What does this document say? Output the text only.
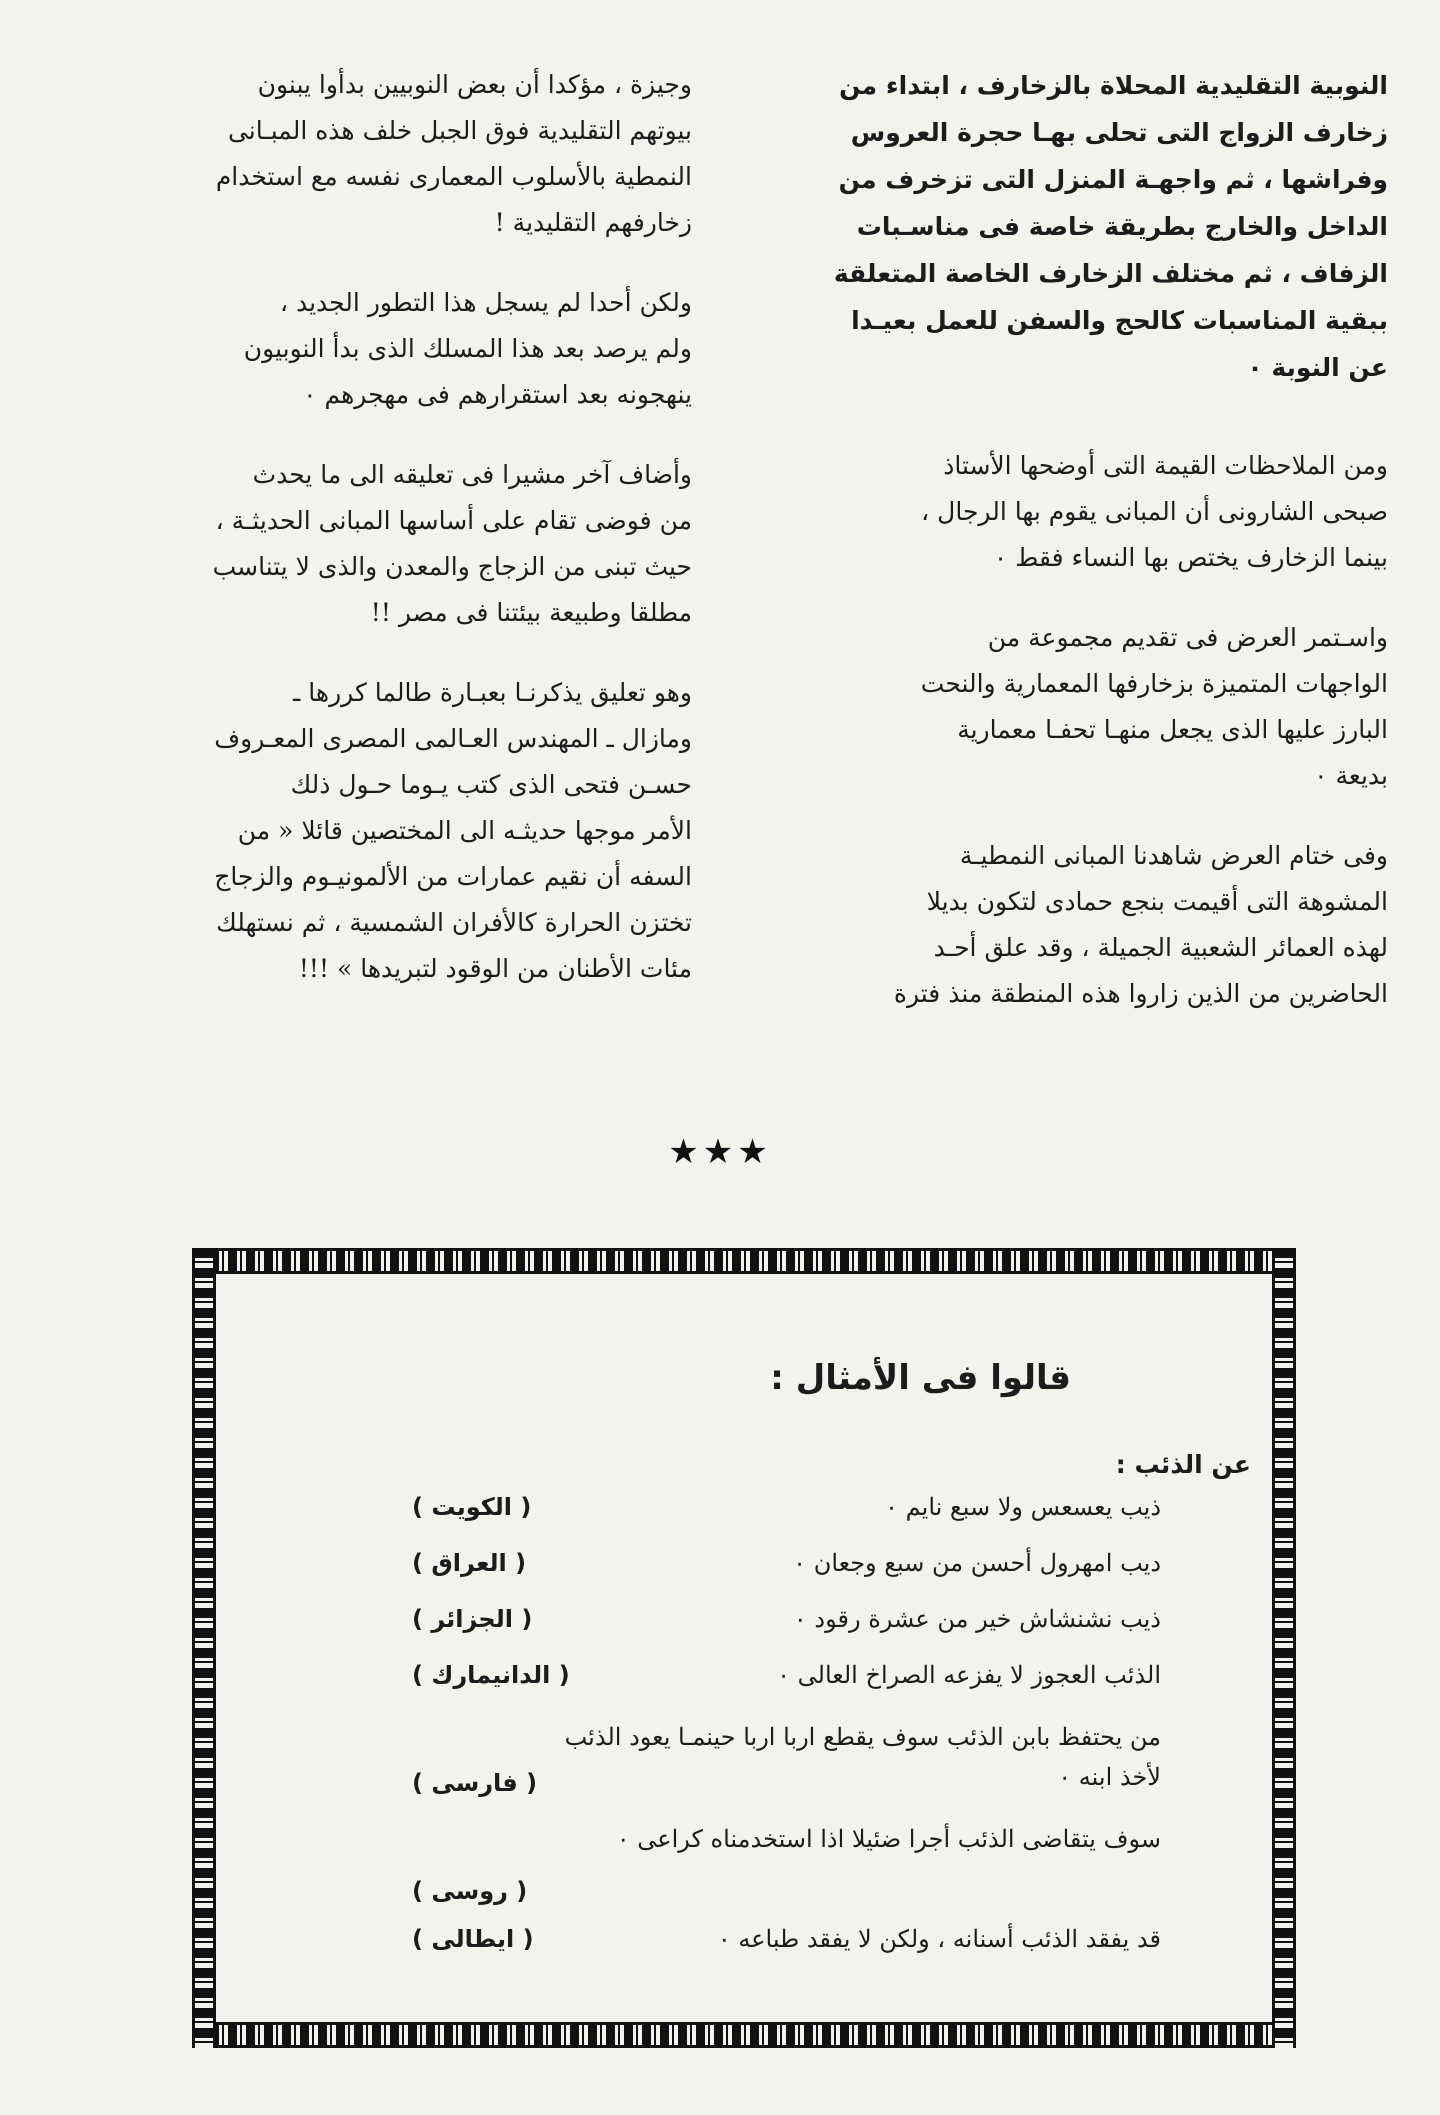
النوبية التقليدية المحلاة بالزخارف ، ابتداء من
زخارف الزواج التى تحلى بهـا حجرة العروس
وفراشها ، ثم واجهـة المنزل التى تزخرف من
الداخل والخارج بطريقة خاصة فى مناسـبات
الزفاف ، ثم مختلف الزخارف الخاصة المتعلقة
ببقية المناسبات كالحج والسفن للعمل بعيـدا
عن النوبة ٠

ومن الملاحظات القيمة التى أوضحها الأستاذ
صبحى الشارونى أن المبانى يقوم بها الرجال ،
بينما الزخارف يختص بها النساء فقط ٠

واسـتمر العرض فى تقديم مجموعة من
الواجهات المتميزة بزخارفها المعمارية والنحت
البارز عليها الذى يجعل منهـا تحفـا معمارية
بديعة ٠

وفى ختام العرض شاهدنا المبانى النمطيـة
المشوهة التى أقيمت بنجع حمادى لتكون بديلا
لهذه العمائر الشعبية الجميلة ، وقد علق أحـد
الحاضرين من الذين زاروا هذه المنطقة منذ فترة

وجيزة ، مؤكدا أن بعض النوبيين بدأوا يبنون
بيوتهم التقليدية فوق الجبل خلف هذه المبـانى
النمطية بالأسلوب المعمارى نفسه مع استخدام
زخارفهم التقليدية !

ولكن أحدا لم يسجل هذا التطور الجديد ،
ولم يرصد بعد هذا المسلك الذى بدأ النوبيون
ينهجونه بعد استقرارهم فى مهجرهم ٠

وأضاف آخر مشيرا فى تعليقه الى ما يحدث
من فوضى تقام على أساسها المبانى الحديثـة ،
حيث تبنى من الزجاج والمعدن والذى لا يتناسب
مطلقا وطبيعة بيئتنا فى مصر !!

وهو تعليق يذكرنـا بعبـارة طالما كررها ـ
ومازال ـ المهندس العـالمى المصرى المعـروف
حسـن فتحى الذى كتب يـوما حـول ذلك
الأمر موجها حديثـه الى المختصين قائلا « من
السفه أن نقيم عمارات من الألمونيـوم والزجاج
تختزن الحرارة كالأفران الشمسية ، ثم نستهلك
مئات الأطنان من الوقود لتبريدها » !!!

★★★
قالوا فى الأمثال :
عن الذئب :
ذيب يعسعس ولا سبع نايم ٠
( الكويت )
ديب امهرول أحسن من سبع وجعان ٠
( العراق )
ذيب نشنشاش خير من عشرة رقود ٠
( الجزائر )
الذئب العجوز لا يفزعه الصراخ العالى ٠
( الدانيمارك )
من يحتفظ بابن الذئب سوف يقطع اربا اربا حينمـا يعود الذئب
لأخذ ابنه ٠
( فارسى )
سوف يتقاضى الذئب أجرا ضئيلا اذا استخدمناه كراعى ٠
( روسى )
قد يفقد الذئب أسنانه ، ولكن لا يفقد طباعه ٠
( ايطالى )
